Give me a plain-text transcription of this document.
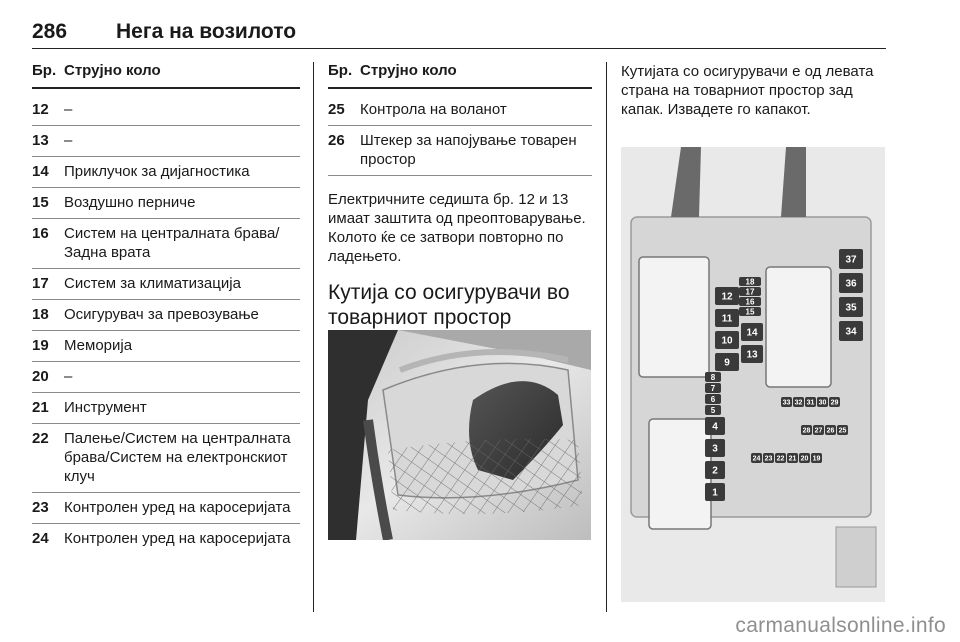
286 Нега на возилото
Бр. Струјно коло
12	–
13	–
14	Приклучок за дијагностика
15	Воздушно перниче
16	Систем на централната брава/Задна врата
17	Систем за климатизација
18	Осигурувач за превозување
19	Меморија
20	–
21	Инструмент
22	Палење/Систем на централната брава/Систем на електронскиот клуч
23	Контролен уред на каросеријата
24	Контролен уред на каросеријата
Бр. Струјно коло
25	Контрола на воланот
26	Штекер за напојување товарен простор

Електричните седишта бр. 12 и 13 имаат заштита од преоптоварување. Колото ќе се затвори повторно по ладењето.

Кутија со осигурувачи во товарниот простор

Кутијата со осигурувачи е од левата страна на товарниот простор зад капак. Извадете го капакот.

37
36
35
34
18
17
16
15
12
11
10
9
14
13
8
7
6
5
4
3
2
1
33 32 31 30 29
28 27 26 25
24 23 22 21 20 19
carmanualsonline.info
